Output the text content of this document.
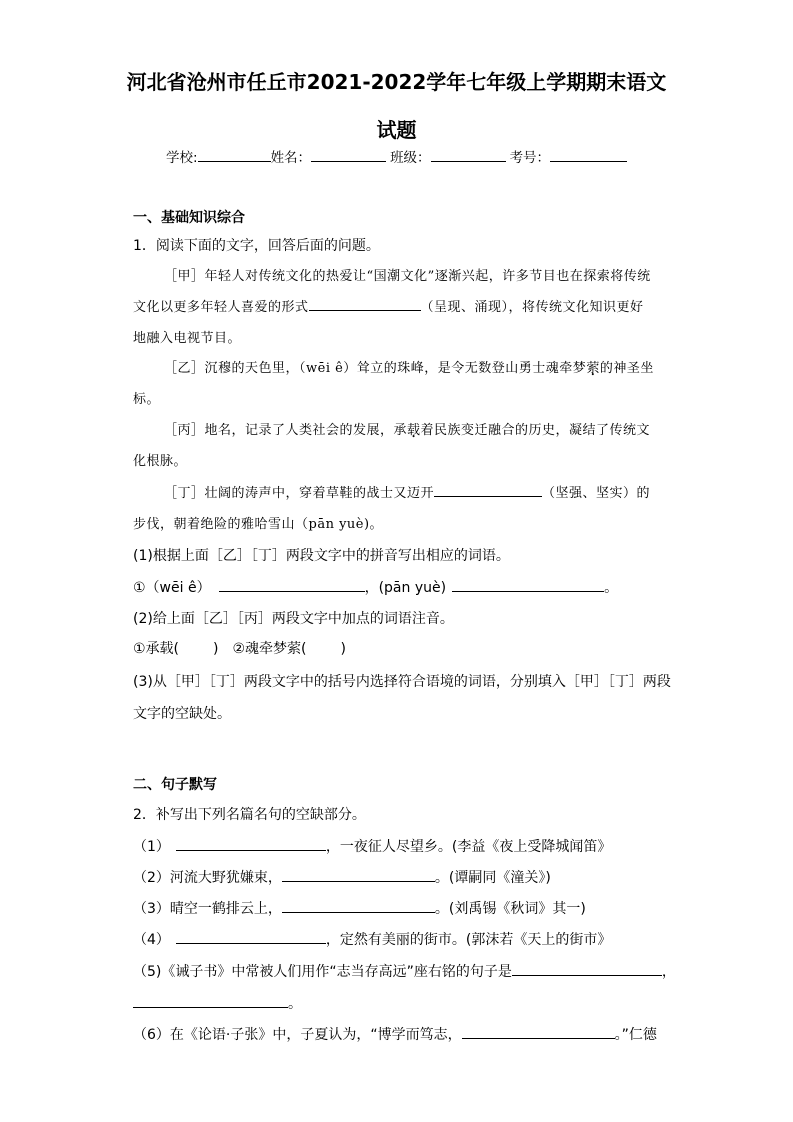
河北省沧州市任丘市2021-2022学年七年级上学期期末语文
试题
学校:	姓名：	班级：	考号：
一、基础知识综合
1．阅读下面的文字，回答后面的问题。
［甲］年轻人对传统文化的热爱让“国潮文化”逐渐兴起，许多节目也在探索将传统
文化以更多年轻人喜爱的形式	（呈现、涌现），将传统文化知识更好
地融入电视节目。
［乙］沉穆的天色里，（wēi ê）耸立的珠峰，是令无数登山勇士魂牵梦萦的神圣坐
标。
［丙］地名，记录了人类社会的发展，承载着民族变迁融合的历史，凝结了传统文
化根脉。
［丁］壮阔的涛声中，穿着草鞋的战士又迈开	（坚强、坚实）的
步伐，朝着绝险的雅哈雪山（pān yuè)。
(1)根据上面［乙］［丁］两段文字中的拼音写出相应的词语。
①（wēi ê）	，(pān yuè)	。
(2)给上面［乙］［丙］两段文字中加点的词语注音。
①承载( )　②魂牵梦萦( )
(3)从［甲］［丁］两段文字中的括号内选择符合语境的词语，分别填入［甲］［丁］两段
文字的空缺处。
二、句子默写
2．补写出下列名篇名句的空缺部分。
（1）	，一夜征人尽望乡。(李益《夜上受降城闻笛》
（2）河流大野犹嫌束，	。(谭嗣同《潼关》)
（3）晴空一鹤排云上，	。(刘禹锡《秋词》其一)
（4）	，定然有美丽的街市。(郭沫若《天上的街市》
（5)《诫子书》中常被人们用作“志当存高远”座右铭的句子是	，
。
（6）在《论语·子张》中，子夏认为，“博学而笃志，	。”仁德
